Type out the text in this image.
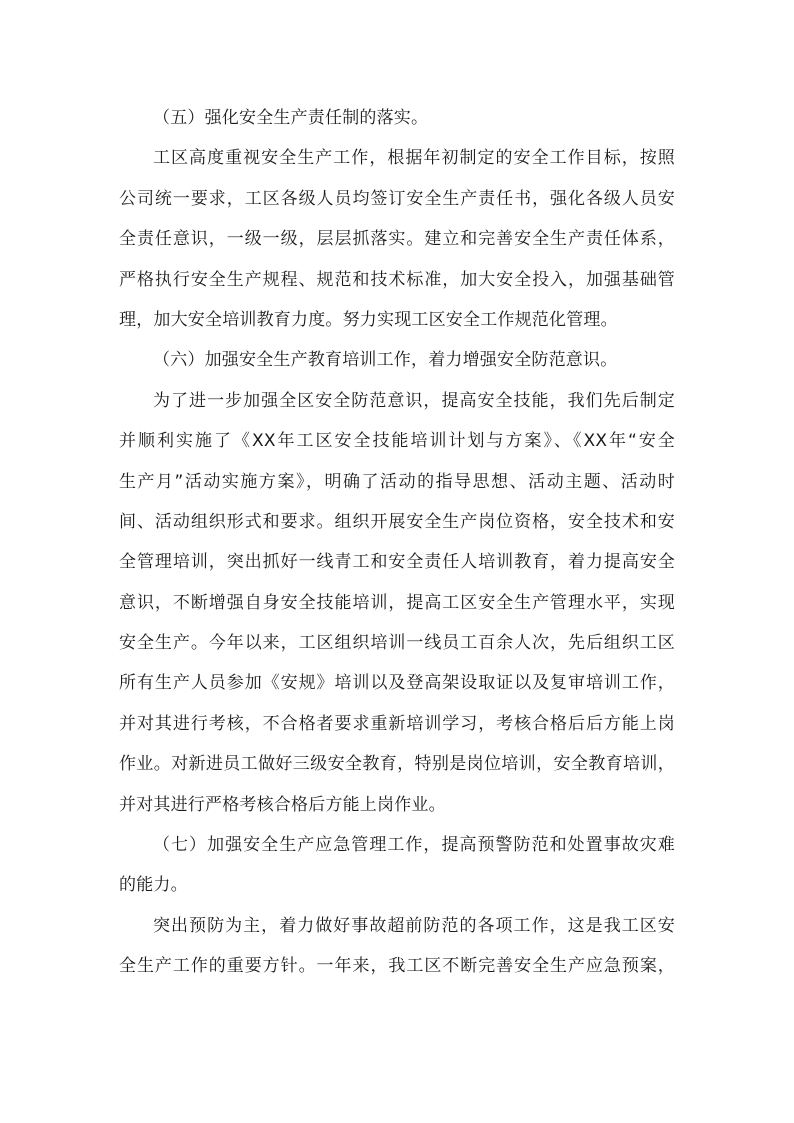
（五）强化安全生产责任制的落实。
工区高度重视安全生产工作，根据年初制定的安全工作目标，按照
公司统一要求，工区各级人员均签订安全生产责任书，强化各级人员安
全责任意识，一级一级，层层抓落实。建立和完善安全生产责任体系，
严格执行安全生产规程、规范和技术标准，加大安全投入，加强基础管
理，加大安全培训教育力度。努力实现工区安全工作规范化管理。
（六）加强安全生产教育培训工作，着力增强安全防范意识。
为了进一步加强全区安全防范意识，提高安全技能，我们先后制定
并顺利实施了《XX年工区安全技能培训计划与方案》、《XX年“安全
生产月”活动实施方案》，明确了活动的指导思想、活动主题、活动时
间、活动组织形式和要求。组织开展安全生产岗位资格，安全技术和安
全管理培训，突出抓好一线青工和安全责任人培训教育，着力提高安全
意识，不断增强自身安全技能培训，提高工区安全生产管理水平，实现
安全生产。今年以来，工区组织培训一线员工百余人次，先后组织工区
所有生产人员参加《安规》培训以及登高架设取证以及复审培训工作，
并对其进行考核，不合格者要求重新培训学习，考核合格后后方能上岗
作业。对新进员工做好三级安全教育，特别是岗位培训，安全教育培训，
并对其进行严格考核合格后方能上岗作业。
（七）加强安全生产应急管理工作，提高预警防范和处置事故灾难
的能力。
突出预防为主，着力做好事故超前防范的各项工作，这是我工区安
全生产工作的重要方针。一年来，我工区不断完善安全生产应急预案，
